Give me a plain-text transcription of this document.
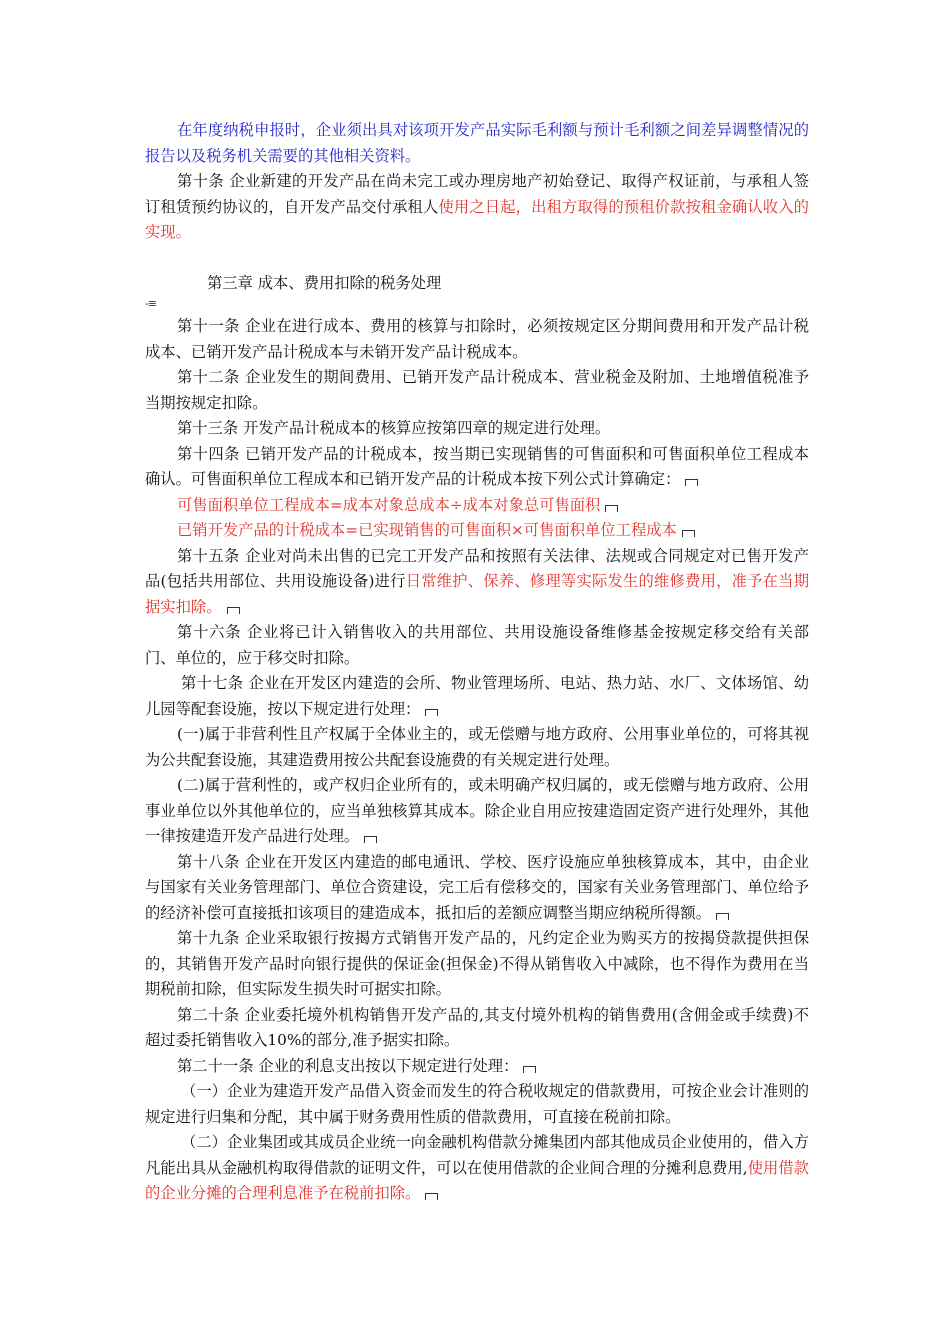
在年度纳税申报时，企业须出具对该项开发产品实际毛利额与预计毛利额之间差异调整情况的报告以及税务机关需要的其他相关资料。

第十条 企业新建的开发产品在尚未完工或办理房地产初始登记、取得产权证前，与承租人签订租赁预约协议的，自开发产品交付承租人使用之日起，出租方取得的预租价款按租金确认收入的实现。

第三章 成本、费用扣除的税务处理

-≡

第十一条 企业在进行成本、费用的核算与扣除时，必须按规定区分期间费用和开发产品计税成本、已销开发产品计税成本与未销开发产品计税成本。

第十二条 企业发生的期间费用、已销开发产品计税成本、营业税金及附加、土地增值税准予当期按规定扣除。

第十三条 开发产品计税成本的核算应按第四章的规定进行处理。

第十四条 已销开发产品的计税成本，按当期已实现销售的可售面积和可售面积单位工程成本确认。可售面积单位工程成本和已销开发产品的计税成本按下列公式计算确定：

可售面积单位工程成本=成本对象总成本÷成本对象总可售面积

已销开发产品的计税成本=已实现销售的可售面积×可售面积单位工程成本

第十五条 企业对尚未出售的已完工开发产品和按照有关法律、法规或合同规定对已售开发产品(包括共用部位、共用设施设备)进行日常维护、保养、修理等实际发生的维修费用，准予在当期据实扣除。

第十六条 企业将已计入销售收入的共用部位、共用设施设备维修基金按规定移交给有关部门、单位的，应于移交时扣除。

第十七条 企业在开发区内建造的会所、物业管理场所、电站、热力站、水厂、文体场馆、幼儿园等配套设施，按以下规定进行处理：

(一)属于非营利性且产权属于全体业主的，或无偿赠与地方政府、公用事业单位的，可将其视为公共配套设施，其建造费用按公共配套设施费的有关规定进行处理。

(二)属于营利性的，或产权归企业所有的，或未明确产权归属的，或无偿赠与地方政府、公用事业单位以外其他单位的，应当单独核算其成本。除企业自用应按建造固定资产进行处理外，其他一律按建造开发产品进行处理。

第十八条 企业在开发区内建造的邮电通讯、学校、医疗设施应单独核算成本，其中，由企业与国家有关业务管理部门、单位合资建设，完工后有偿移交的，国家有关业务管理部门、单位给予的经济补偿可直接抵扣该项目的建造成本，抵扣后的差额应调整当期应纳税所得额。

第十九条 企业采取银行按揭方式销售开发产品的，凡约定企业为购买方的按揭贷款提供担保的，其销售开发产品时向银行提供的保证金(担保金)不得从销售收入中减除，也不得作为费用在当期税前扣除，但实际发生损失时可据实扣除。

第二十条 企业委托境外机构销售开发产品的,其支付境外机构的销售费用(含佣金或手续费)不超过委托销售收入10%的部分,准予据实扣除。

第二十一条 企业的利息支出按以下规定进行处理：

（一）企业为建造开发产品借入资金而发生的符合税收规定的借款费用，可按企业会计准则的规定进行归集和分配，其中属于财务费用性质的借款费用，可直接在税前扣除。

（二）企业集团或其成员企业统一向金融机构借款分摊集团内部其他成员企业使用的，借入方凡能出具从金融机构取得借款的证明文件，可以在使用借款的企业间合理的分摊利息费用,使用借款的企业分摊的合理利息准予在税前扣除。
